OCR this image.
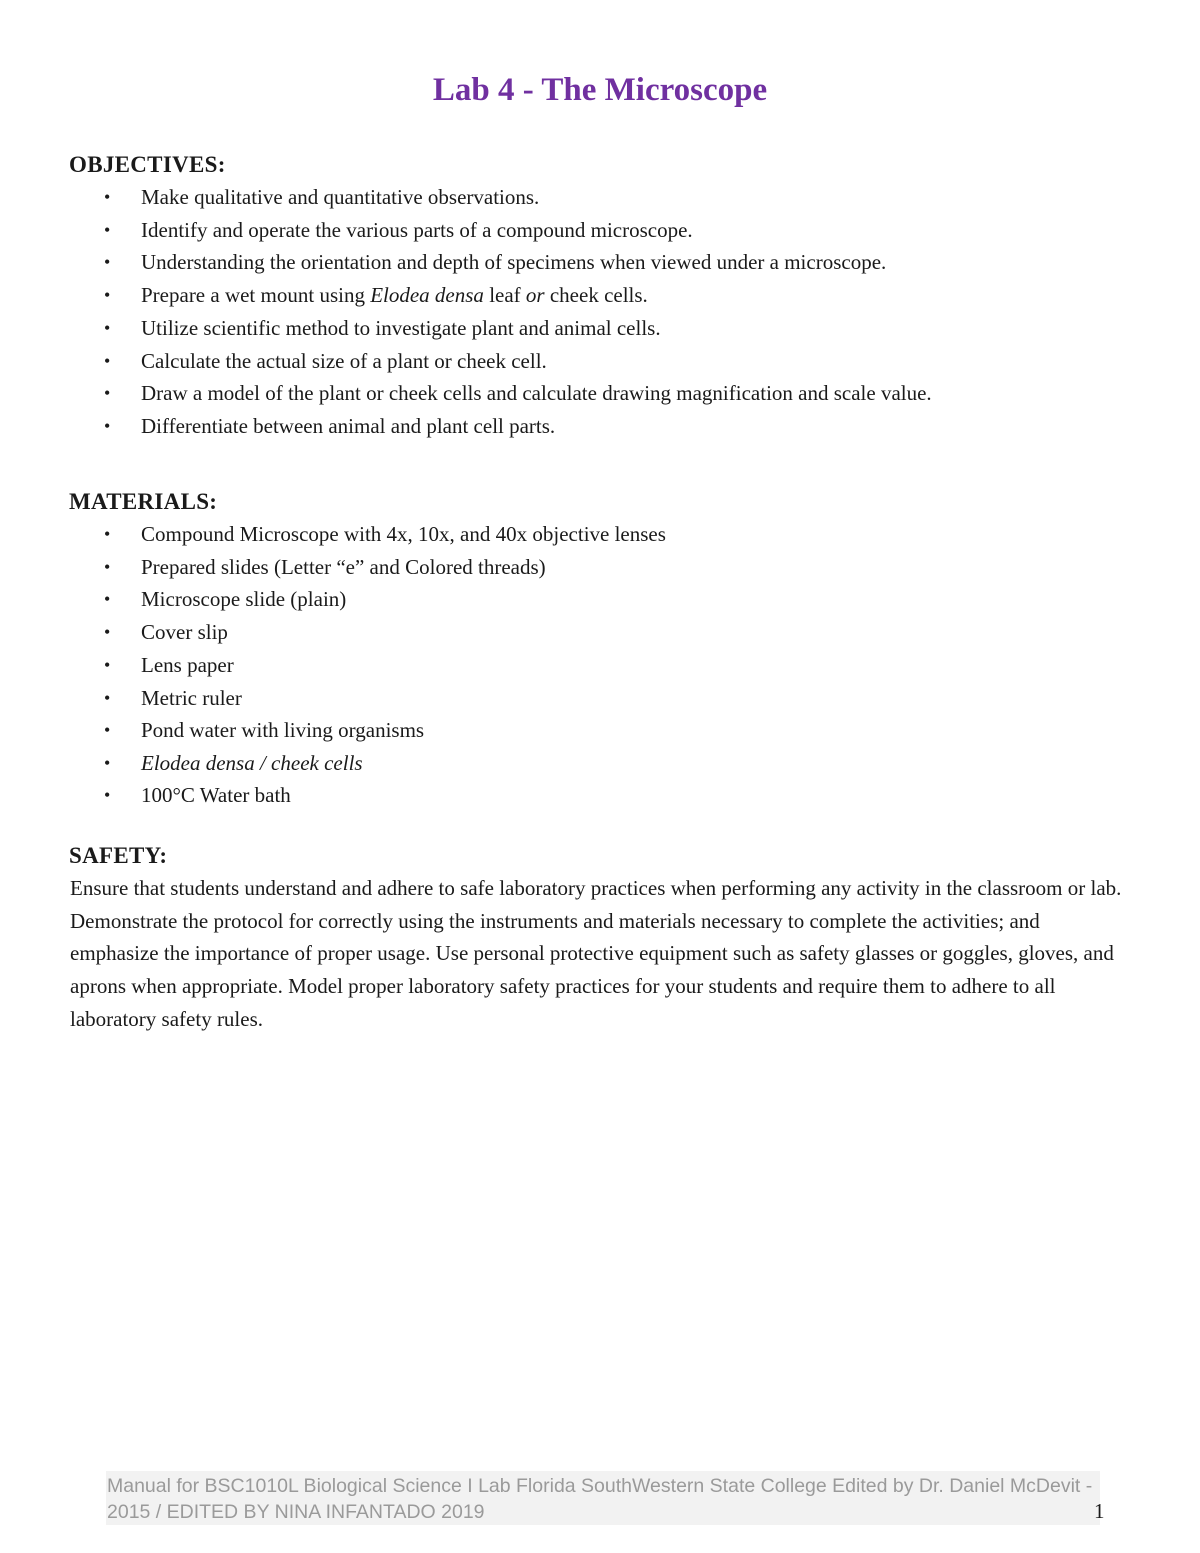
Lab 4 - The Microscope
OBJECTIVES:
• Make qualitative and quantitative observations.
• Identify and operate the various parts of a compound microscope.
• Understanding the orientation and depth of specimens when viewed under a microscope.
• Prepare a wet mount using Elodea densa leaf or cheek cells.
• Utilize scientific method to investigate plant and animal cells.
• Calculate the actual size of a plant or cheek cell.
• Draw a model of the plant or cheek cells and calculate drawing magnification and scale value.
• Differentiate between animal and plant cell parts.
MATERIALS:
• Compound Microscope with 4x, 10x, and 40x objective lenses
• Prepared slides (Letter “e” and Colored threads)
• Microscope slide (plain)
• Cover slip
• Lens paper
• Metric ruler
• Pond water with living organisms
• Elodea densa / cheek cells
• 100°C Water bath
SAFETY:

Ensure that students understand and adhere to safe laboratory practices when performing any activity in the classroom or lab. Demonstrate the protocol for correctly using the instruments and materials necessary to complete the activities; and emphasize the importance of proper usage. Use personal protective equipment such as safety glasses or goggles, gloves, and aprons when appropriate. Model proper laboratory safety practices for your students and require them to adhere to all laboratory safety rules.

Manual for BSC1010L Biological Science I Lab Florida SouthWestern State College Edited by Dr. Daniel McDevit - 2015 / EDITED BY NINA INFANTADO 2019	1
